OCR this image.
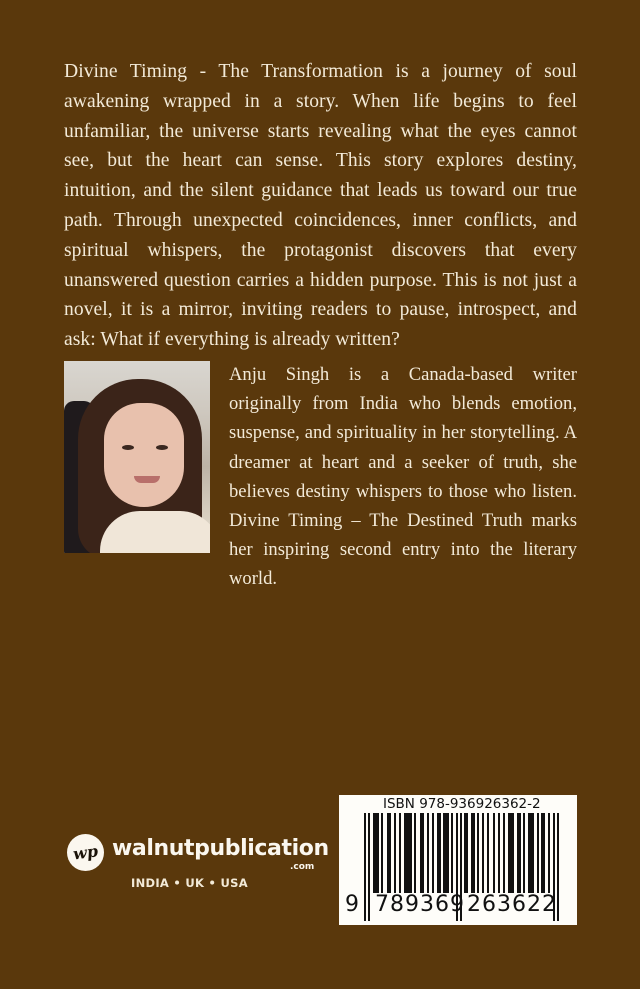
Divine Timing - The Transformation is a journey of soul awakening wrapped in a story. When life begins to feel unfamiliar, the universe starts revealing what the eyes cannot see, but the heart can sense. This story explores destiny, intuition, and the silent guidance that leads us toward our true path. Through unexpected coincidences, inner conflicts, and spiritual whispers, the protagonist discovers that every unanswered question carries a hidden purpose. This is not just a novel, it is a mirror, inviting readers to pause, introspect, and ask: What if everything is already written?

Anju Singh is a Canada-based writer originally from India who blends emotion, suspense, and spirituality in her storytelling. A dreamer at heart and a seeker of truth, she believes destiny whispers to those who listen. Divine Timing – The Destined Truth marks her inspiring second entry into the literary world.

wp walnutpublication
.com
INDIA • UK • USA
ISBN 978-936926362-2
9 789369 263622
